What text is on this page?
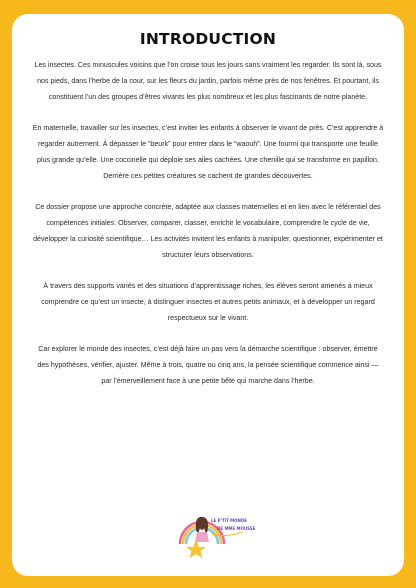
INTRODUCTION

Les insectes. Ces minuscules voisins que l’on croise tous les jours sans vraiment les regarder. Ils sont là, sous nos pieds, dans l’herbe de la cour, sur les fleurs du jardin, parfois même près de nos fenêtres. Et pourtant, ils constituent l’un des groupes d’êtres vivants les plus nombreux et les plus fascinants de notre planète.

En maternelle, travailler sur les insectes, c’est inviter les enfants à observer le vivant de près. C’est apprendre à regarder autrement. À dépasser le “beurk” pour entrer dans le “waouh”. Une fourmi qui transporte une feuille plus grande qu’elle. Une coccinelle qui déploie ses ailes cachées. Une chenille qui se transforme en papillon. Derrière ces petites créatures se cachent de grandes découvertes.

Ce dossier propose une approche concrète, adaptée aux classes maternelles et en lien avec le référentiel des compétences initiales. Observer, comparer, classer, enrichir le vocabulaire, comprendre le cycle de vie, développer la curiosité scientifique… Les activités invitent les enfants à manipuler, questionner, expérimenter et structurer leurs observations.

À travers des supports variés et des situations d’apprentissage riches, les élèves seront amenés à mieux comprendre ce qu’est un insecte, à distinguer insectes et autres petits animaux, et à développer un regard respectueux sur le vivant.

Car explorer le monde des insectes, c’est déjà faire un pas vers la démarche scientifique : observer, émettre des hypothèses, vérifier, ajuster. Même à trois, quatre ou cinq ans, la pensée scientifique commence ainsi — par l’émerveillement face à une petite bête qui marche dans l’herbe.

LE P'TIT MONDE
DE MME MOUSSE
